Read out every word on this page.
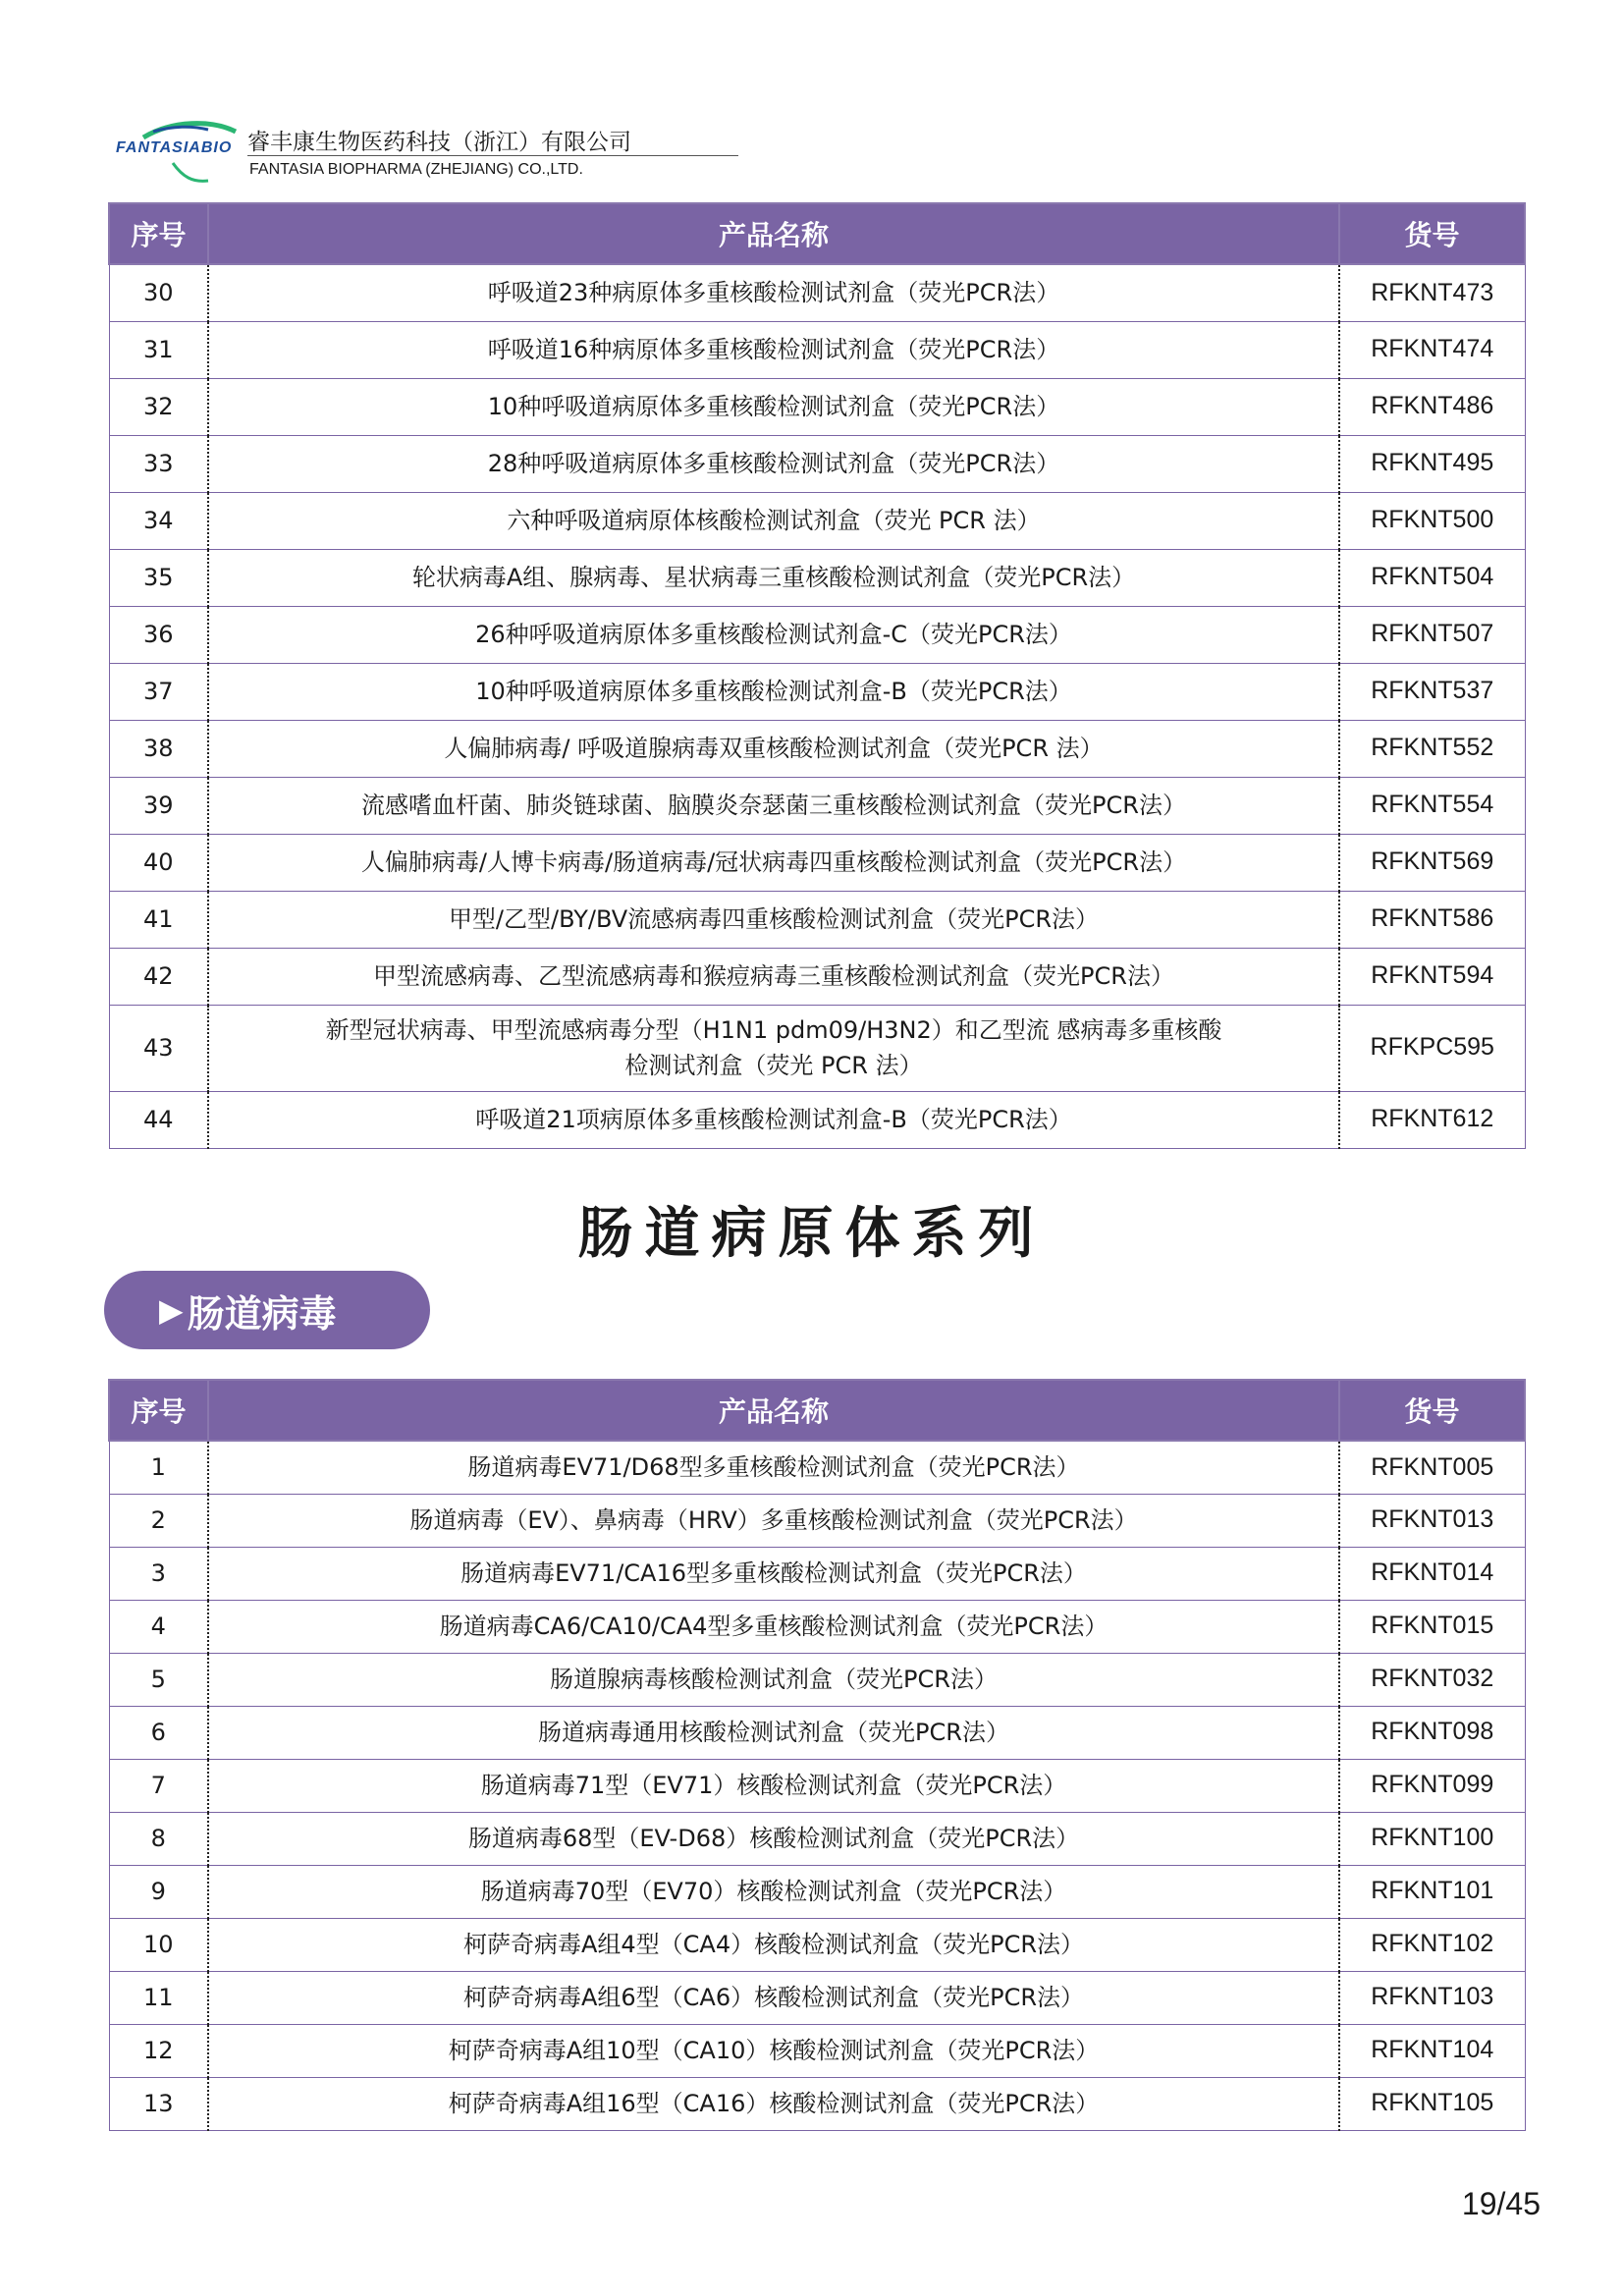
FANTASIABIO 睿丰康生物医药科技（浙江）有限公司
FANTASIA BIOPHARMA (ZHEJIANG) CO.,LTD.
序号	产品名称	货号
30	呼吸道23种病原体多重核酸检测试剂盒（荧光PCR法）	RFKNT473
31	呼吸道16种病原体多重核酸检测试剂盒（荧光PCR法）	RFKNT474
32	10种呼吸道病原体多重核酸检测试剂盒（荧光PCR法）	RFKNT486
33	28种呼吸道病原体多重核酸检测试剂盒（荧光PCR法）	RFKNT495
34	六种呼吸道病原体核酸检测试剂盒（荧光 PCR 法）	RFKNT500
35	轮状病毒A组、腺病毒、星状病毒三重核酸检测试剂盒（荧光PCR法）	RFKNT504
36	26种呼吸道病原体多重核酸检测试剂盒-C（荧光PCR法）	RFKNT507
37	10种呼吸道病原体多重核酸检测试剂盒-B（荧光PCR法）	RFKNT537
38	人偏肺病毒/ 呼吸道腺病毒双重核酸检测试剂盒（荧光PCR 法）	RFKNT552
39	流感嗜血杆菌、肺炎链球菌、脑膜炎奈瑟菌三重核酸检测试剂盒（荧光PCR法）	RFKNT554
40	人偏肺病毒/人博卡病毒/肠道病毒/冠状病毒四重核酸检测试剂盒（荧光PCR法）	RFKNT569
41	甲型/乙型/BY/BV流感病毒四重核酸检测试剂盒（荧光PCR法）	RFKNT586
42	甲型流感病毒、乙型流感病毒和猴痘病毒三重核酸检测试剂盒（荧光PCR法）	RFKNT594
43	新型冠状病毒、甲型流感病毒分型（H1N1 pdm09/H3N2）和乙型流 感病毒多重核酸
检测试剂盒（荧光 PCR 法）	RFKPC595
44	呼吸道21项病原体多重核酸检测试剂盒-B（荧光PCR法）	RFKNT612
肠道病原体系列
▶ 肠道病毒
序号	产品名称	货号
1	肠道病毒EV71/D68型多重核酸检测试剂盒（荧光PCR法）	RFKNT005
2	肠道病毒（EV）、鼻病毒（HRV）多重核酸检测试剂盒（荧光PCR法）	RFKNT013
3	肠道病毒EV71/CA16型多重核酸检测试剂盒（荧光PCR法）	RFKNT014
4	肠道病毒CA6/CA10/CA4型多重核酸检测试剂盒（荧光PCR法）	RFKNT015
5	肠道腺病毒核酸检测试剂盒（荧光PCR法）	RFKNT032
6	肠道病毒通用核酸检测试剂盒（荧光PCR法）	RFKNT098
7	肠道病毒71型（EV71）核酸检测试剂盒（荧光PCR法）	RFKNT099
8	肠道病毒68型（EV-D68）核酸检测试剂盒（荧光PCR法）	RFKNT100
9	肠道病毒70型（EV70）核酸检测试剂盒（荧光PCR法）	RFKNT101
10	柯萨奇病毒A组4型（CA4）核酸检测试剂盒（荧光PCR法）	RFKNT102
11	柯萨奇病毒A组6型（CA6）核酸检测试剂盒（荧光PCR法）	RFKNT103
12	柯萨奇病毒A组10型（CA10）核酸检测试剂盒（荧光PCR法）	RFKNT104
13	柯萨奇病毒A组16型（CA16）核酸检测试剂盒（荧光PCR法）	RFKNT105
19/45
